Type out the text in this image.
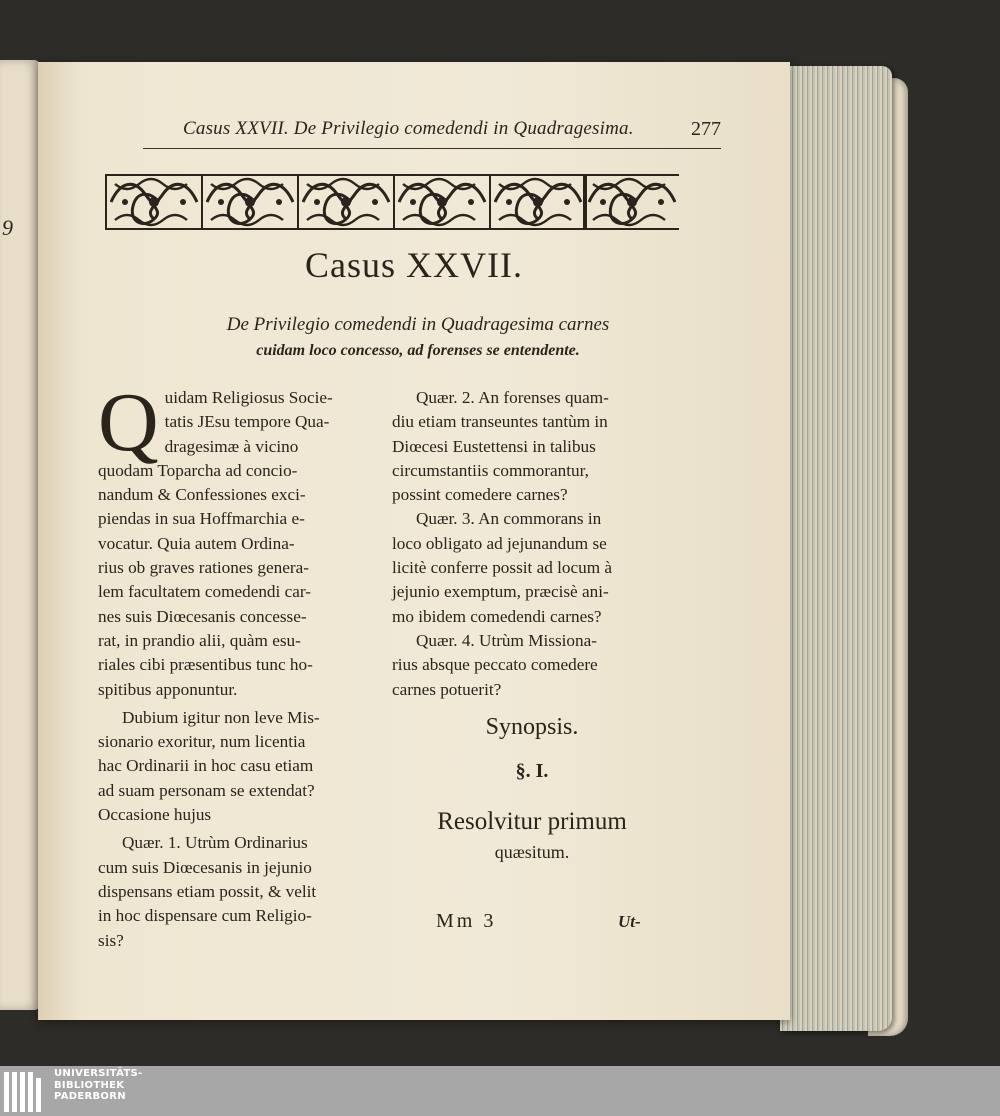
9
Casus XXVII. De Privilegio comedendi in Quadragesima.	277
Casus XXVII.
De Privilegio comedendi in Quadragesima carnes
cuidam loco concesso, ad forenses se entendente.
Q uidam Religiosus Socie-
tatis JEsu tempore Qua-
dragesimæ à vicino
quodam Toparcha ad concio-
nandum & Confessiones exci-
piendas in sua Hoffmarchia e-
vocatur. Quia autem Ordina-
rius ob graves rationes genera-
lem facultatem comedendi car-
nes suis Diœcesanis concesse-
rat, in prandio alii, quàm esu-
riales cibi præsentibus tunc ho-
spitibus apponuntur.
Dubium igitur non leve Mis-
sionario exoritur, num licentia
hac Ordinarii in hoc casu etiam
ad suam personam se extendat?
Occasione hujus
Quær. 1. Utrùm Ordinarius
cum suis Diœcesanis in jejunio
dispensans etiam possit, & velit
in hoc dispensare cum Religio-
sis?
Quær. 2. An forenses quam-
diu etiam transeuntes tantùm in
Diœcesi Eustettensi in talibus
circumstantiis commorantur,
possint comedere carnes?
Quær. 3. An commorans in
loco obligato ad jejunandum se
licitè conferre possit ad locum à
jejunio exemptum, præcisè ani-
mo ibidem comedendi carnes?
Quær. 4. Utrùm Missiona-
rius absque peccato comedere
carnes potuerit?
Synopsis.
§. I.
Resolvitur primum
quæsitum.
Mm 3	Ut-
UNIVERSITÄTS-
BIBLIOTHEK
PADERBORN
